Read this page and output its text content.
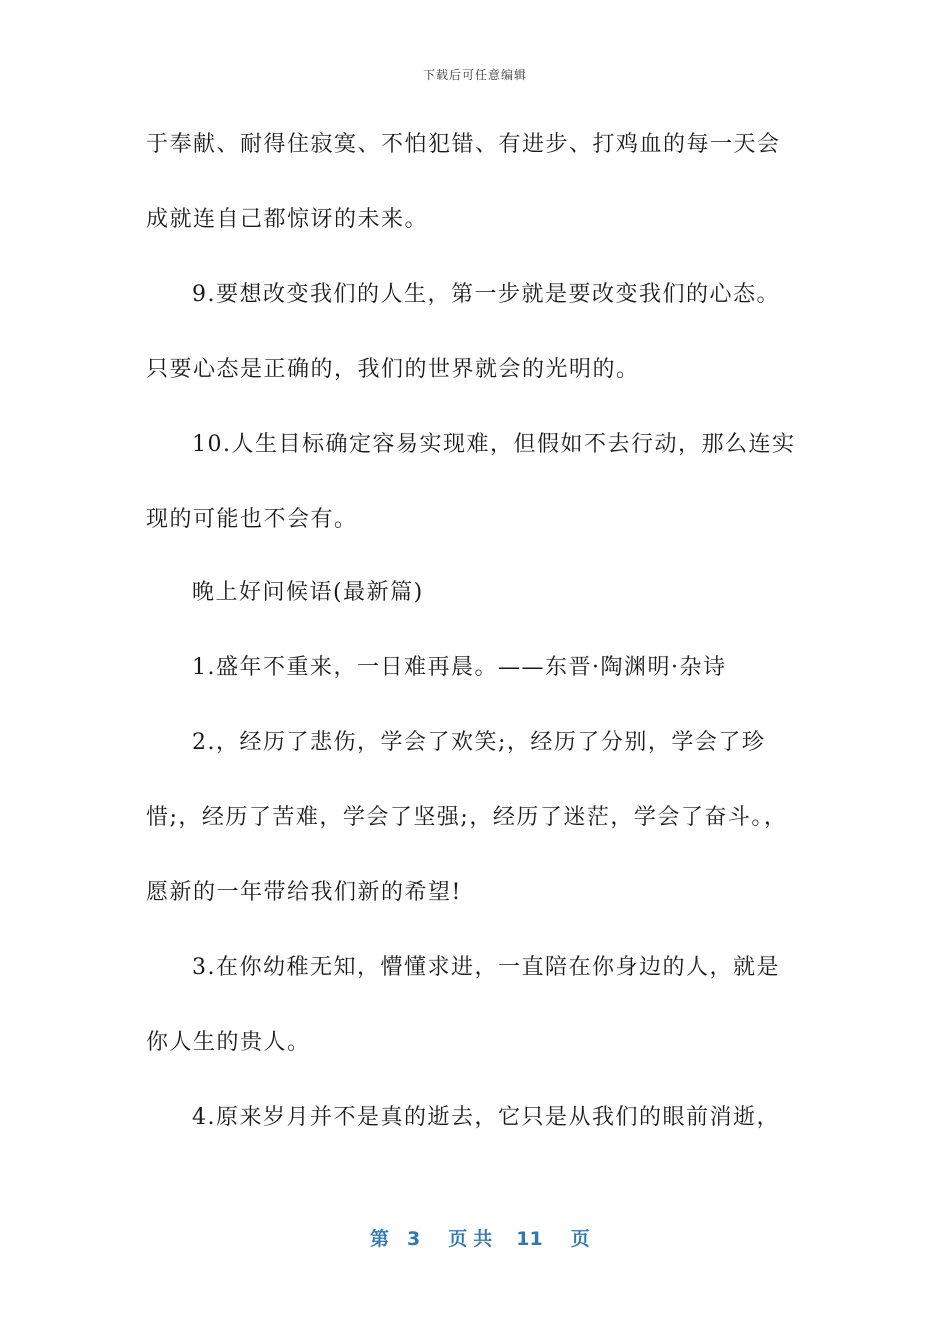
下载后可任意编辑
于奉献、耐得住寂寞、不怕犯错、有进步、打鸡血的每一天会
成就连自己都惊讶的未来。
9.要想改变我们的人生，第一步就是要改变我们的心态。
只要心态是正确的，我们的世界就会的光明的。
10.人生目标确定容易实现难，但假如不去行动，那么连实
现的可能也不会有。
晚上好问候语(最新篇)
1.盛年不重来，一日难再晨。——东晋·陶渊明·杂诗
2.，经历了悲伤，学会了欢笑;，经历了分别，学会了珍
惜;，经历了苦难，学会了坚强;，经历了迷茫，学会了奋斗。，
愿新的一年带给我们新的希望!
3.在你幼稚无知，懵懂求进，一直陪在你身边的人，就是
你人生的贵人。
4.原来岁月并不是真的逝去，它只是从我们的眼前消逝，
第 3 页共 11 页
